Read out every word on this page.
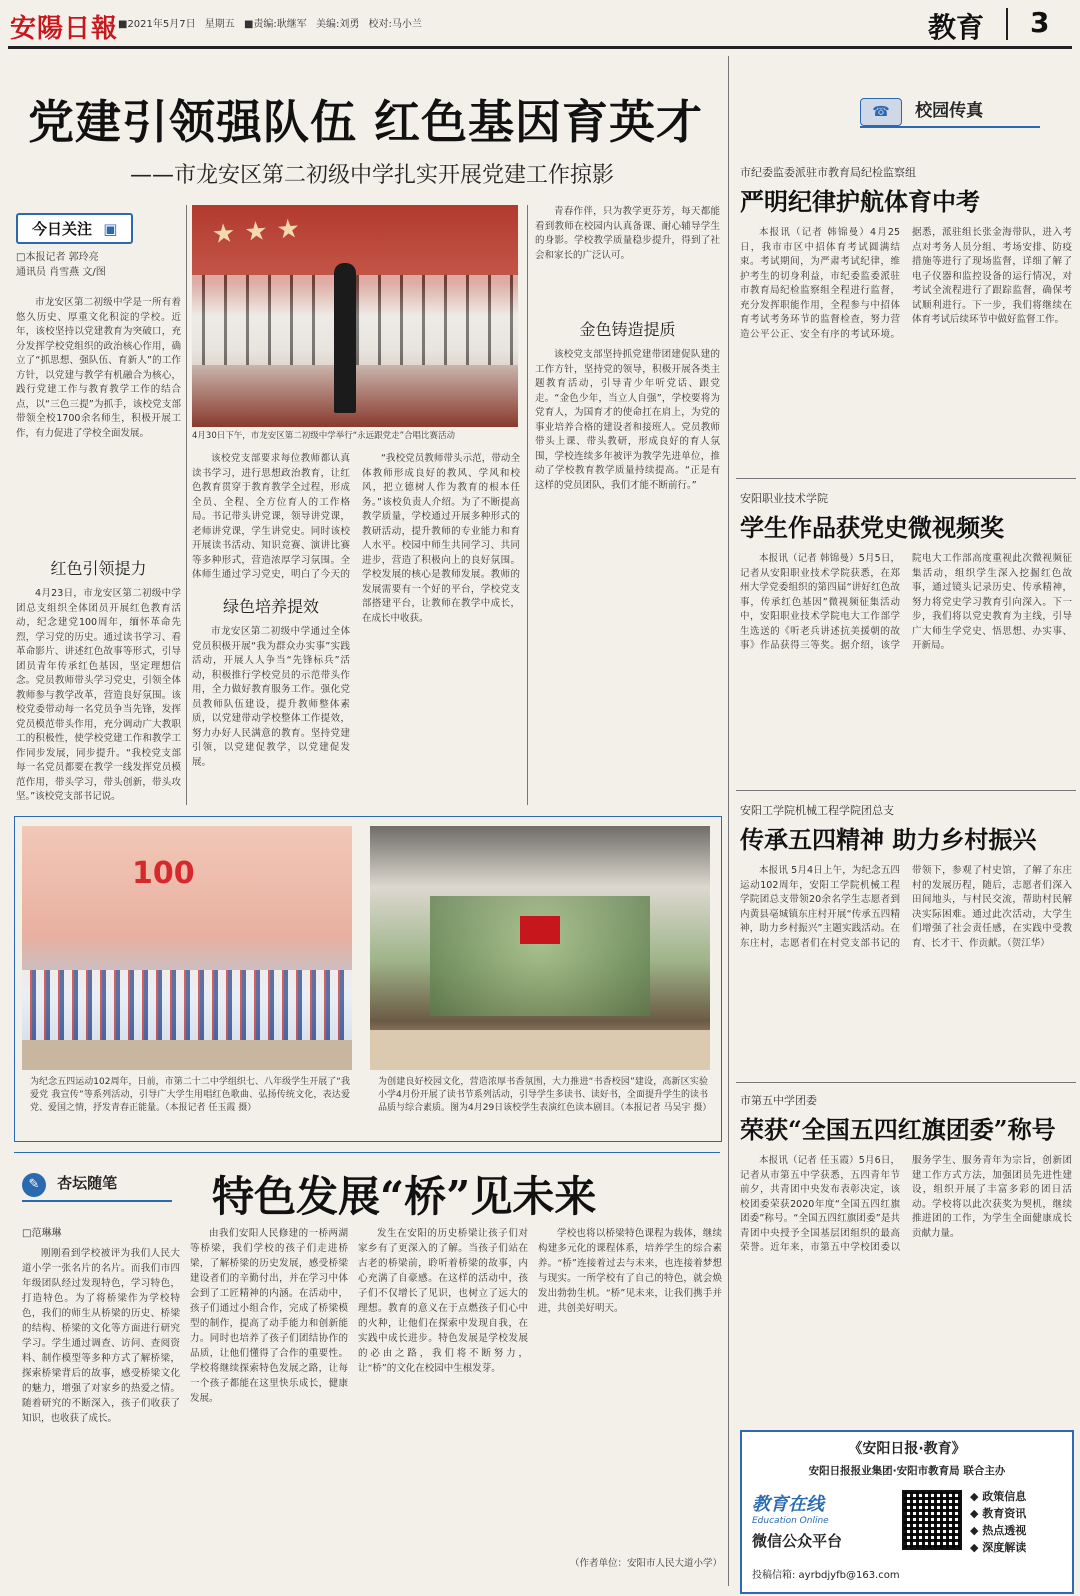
安陽日報 ■2021年5月7日 星期五 ■责编:耿继军 美编:刘勇 校对:马小兰	教育 3
党建引领强队伍 红色基因育英才
——市龙安区第二初级中学扎实开展党建工作掠影
今日关注 ▣
□本报记者 郭玲亮
通讯员 肖雪燕 文/图
市龙安区第二初级中学是一所有着悠久历史、厚重文化积淀的学校。近年，该校坚持以党建教育为突破口，充分发挥学校党组织的政治核心作用，确立了“抓思想、强队伍、育新人”的工作方针，以党建与教学有机融合为核心，践行党建工作与教育教学工作的结合点，以“三色三提”为抓手，该校党支部带领全校1700余名师生，积极开展工作，有力促进了学校全面发展。
红色引领提力
4月23日，市龙安区第二初级中学团总支组织全体团员开展红色教育活动，纪念建党100周年，缅怀革命先烈，学习党的历史。通过读书学习、看革命影片、讲述红色故事等形式，引导团员青年传承红色基因，坚定理想信念。党员教师带头学习党史，引领全体教师参与教学改革，营造良好氛围。该校党委带动每一名党员争当先锋，发挥党员模范带头作用，充分调动广大教职工的积极性，使学校党建工作和教学工作同步发展，同步提升。“我校党支部每一名党员都要在教学一线发挥党员模范作用，带头学习，带头创新，带头攻坚。”该校党支部书记说。
★ ★ ★
4月30日下午，市龙安区第二初级中学举行“永远跟党走”合唱比赛活动
该校党支部要求每位教师都认真读书学习，进行思想政治教育，让红色教育贯穿于教育教学全过程，形成全员、全程、全方位育人的工作格局。书记带头讲党课，领导讲党课，老师讲党课，学生讲党史。同时该校开展读书活动、知识竞赛、演讲比赛等多种形式，营造浓厚学习氛围。全体师生通过学习党史，明白了今天的
绿色培养提效
市龙安区第二初级中学通过全体党员积极开展“我为群众办实事”实践活动，开展人人争当“先锋标兵”活动，积极推行学校党员的示范带头作用，全力做好教育服务工作。强化党员教师队伍建设，提升教师整体素质，以党建带动学校整体工作提效，努力办好人民满意的教育。坚持党建引领，以党建促教学，以党建促发展。
“我校党员教师带头示范，带动全体教师形成良好的教风、学风和校风，把立德树人作为教育的根本任务。”该校负责人介绍。为了不断提高教学质量，学校通过开展多种形式的教研活动，提升教师的专业能力和育人水平。校园中师生共同学习、共同进步，营造了积极向上的良好氛围。学校发展的核心是教师发展。教师的发展需要有一个好的平台，学校党支部搭建平台，让教师在教学中成长，在成长中收获。
青春作伴，只为教学更芬芳，每天都能看到教师在校园内认真备课、耐心辅导学生的身影。学校教学质量稳步提升，得到了社会和家长的广泛认可。
金色铸造提质
该校党支部坚持抓党建带团建促队建的工作方针，坚持党的领导，积极开展各类主题教育活动，引导青少年听党话、跟党走。“金色少年，当立人自强”，学校要将为党育人，为国育才的使命扛在肩上，为党的事业培养合格的建设者和接班人。党员教师带头上课、带头教研，形成良好的育人氛围，学校连续多年被评为教学先进单位，推动了学校教育教学质量持续提高。“正是有这样的党员团队，我们才能不断前行。”
100
为纪念五四运动102周年，日前，市第二十二中学组织七、八年级学生开展了“我爱党 我宣传”等系列活动，引导广大学生用唱红色歌曲、弘扬传统文化，表达爱党、爱国之情，抒发青春正能量。（本报记者 任玉霞 摄）
为创建良好校园文化，营造浓厚书香氛围，大力推进“书香校园”建设，高新区实验小学4月份开展了读书节系列活动，引导学生多读书、读好书，全面提升学生的读书品质与综合素质。图为4月29日该校学生表演红色读本剧目。（本报记者 马吴宇 摄）
✎ 杏坛随笔	特色发展“桥”见未来
□范琳琳
刚刚看到学校被评为我们人民大道小学一张名片的名片。而我们市四年级团队经过发现特色，学习特色，打造特色。为了将桥梁作为学校特色，我们的师生从桥梁的历史、桥梁的结构、桥梁的文化等方面进行研究学习。学生通过调查、访问、查阅资料、制作模型等多种方式了解桥梁，探索桥梁背后的故事，感受桥梁文化的魅力，增强了对家乡的热爱之情。随着研究的不断深入，孩子们收获了知识，也收获了成长。
由我们安阳人民修建的一桥两湖等桥梁，我们学校的孩子们走进桥梁，了解桥梁的历史发展，感受桥梁建设者们的辛勤付出，并在学习中体会到了工匠精神的内涵。在活动中，孩子们通过小组合作，完成了桥梁模型的制作，提高了动手能力和创新能力。同时也培养了孩子们团结协作的品质，让他们懂得了合作的重要性。学校将继续探索特色发展之路，让每一个孩子都能在这里快乐成长，健康发展。
发生在安阳的历史桥梁让孩子们对家乡有了更深入的了解。当孩子们站在古老的桥梁前，聆听着桥梁的故事，内心充满了自豪感。在这样的活动中，孩子们不仅增长了见识，也树立了远大的理想。教育的意义在于点燃孩子们心中的火种，让他们在探索中发现自我，在实践中成长进步。特色发展是学校发展的必由之路，我们将不断努力，让“桥”的文化在校园中生根发芽。
学校也将以桥梁特色课程为载体，继续构建多元化的课程体系，培养学生的综合素养。“桥”连接着过去与未来，也连接着梦想与现实。一所学校有了自己的特色，就会焕发出勃勃生机。“桥”见未来，让我们携手并进，共创美好明天。
（作者单位：安阳市人民大道小学）
☎ 校园传真
市纪委监委派驻市教育局纪检监察组
严明纪律护航体育中考
本报讯（记者 韩锦曼）4月25日，我市市区中招体育考试圆满结束。考试期间，为严肃考试纪律，维护考生的切身利益，市纪委监委派驻市教育局纪检监察组全程进行监督，充分发挥职能作用，全程参与中招体育考试考务环节的监督检查，努力营造公平公正、安全有序的考试环境。据悉，派驻组长张金海带队，进入考点对考务人员分组、考场安排、防疫措施等进行了现场监督，详细了解了电子仪器和监控设备的运行情况，对考试全流程进行了跟踪监督，确保考试顺利进行。下一步，我们将继续在体育考试后续环节中做好监督工作。
安阳职业技术学院
学生作品获党史微视频奖
本报讯（记者 韩锦曼）5月5日，记者从安阳职业技术学院获悉，在郑州大学党委组织的第四届“讲好红色故事，传承红色基因”微视频征集活动中，安阳职业技术学院电大工作部学生选送的《听老兵讲述抗美援朝的故事》作品获得三等奖。据介绍，该学院电大工作部高度重视此次微视频征集活动，组织学生深入挖掘红色故事，通过镜头记录历史、传承精神，努力将党史学习教育引向深入。下一步，我们将以党史教育为主线，引导广大师生学党史、悟思想、办实事、开新局。
安阳工学院机械工程学院团总支
传承五四精神 助力乡村振兴
本报讯 5月4日上午，为纪念五四运动102周年，安阳工学院机械工程学院团总支带领20余名学生志愿者到内黄县亳城镇东庄村开展“传承五四精神，助力乡村振兴”主题实践活动。在东庄村，志愿者们在村党支部书记的带领下，参观了村史馆，了解了东庄村的发展历程，随后，志愿者们深入田间地头，与村民交流，帮助村民解决实际困难。通过此次活动，大学生们增强了社会责任感，在实践中受教育、长才干、作贡献。（贺江华）
市第五中学团委
荣获“全国五四红旗团委”称号
本报讯（记者 任玉霞）5月6日，记者从市第五中学获悉，五四青年节前夕，共青团中央发布表彰决定，该校团委荣获2020年度“全国五四红旗团委”称号。“全国五四红旗团委”是共青团中央授予全国基层团组织的最高荣誉。近年来，市第五中学校团委以服务学生、服务青年为宗旨，创新团建工作方式方法，加强团员先进性建设，组织开展了丰富多彩的团日活动。学校将以此次获奖为契机，继续推进团的工作，为学生全面健康成长贡献力量。
《安阳日报·教育》
安阳日报报业集团·安阳市教育局 联合主办
教育在线
Education Online
微信公众平台
◆ 政策信息
◆ 教育资讯
◆ 热点透视
◆ 深度解读
投稿信箱: ayrbdjyfb@163.com
